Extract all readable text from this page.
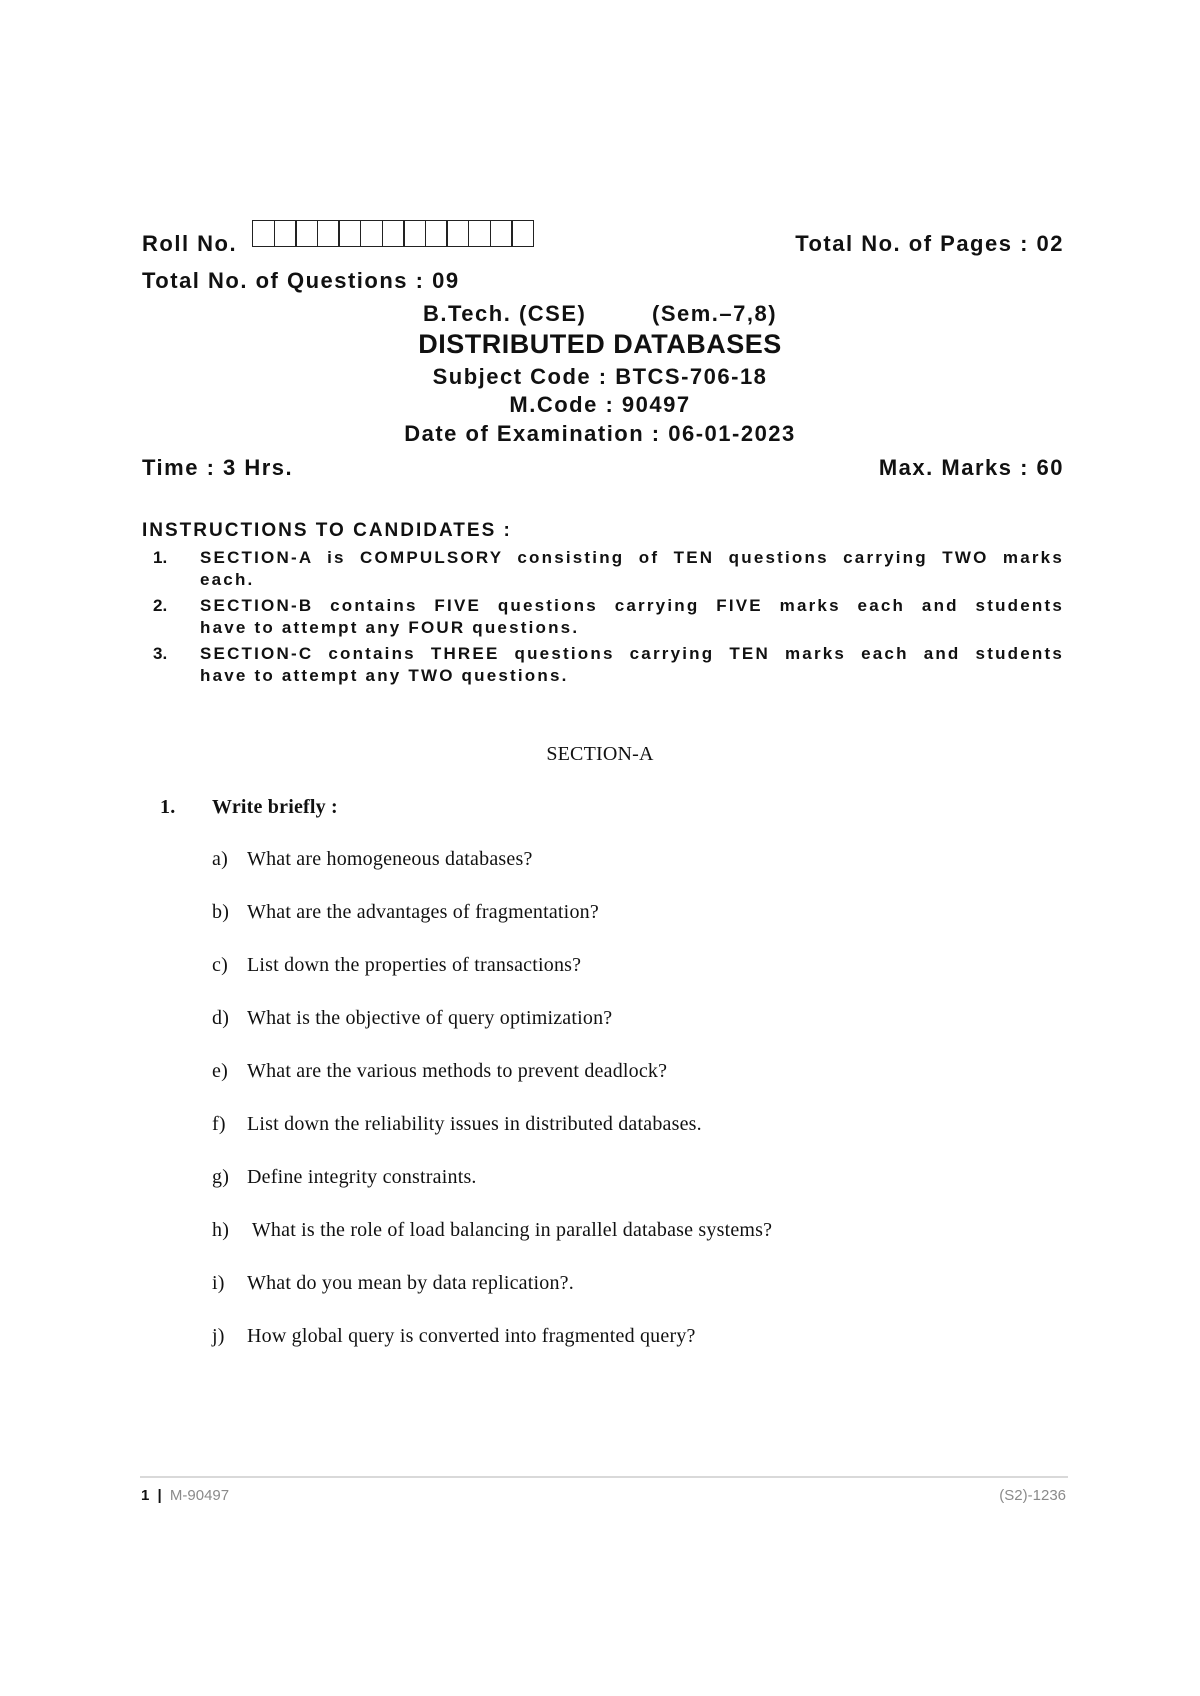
Roll No.	Total No. of Pages : 02
Total No. of Questions : 09
B.Tech. (CSE)	(Sem.–7,8)
DISTRIBUTED DATABASES
Subject Code : BTCS-706-18
M.Code : 90497
Date of Examination : 06-01-2023
Time : 3 Hrs.	Max. Marks : 60
INSTRUCTIONS TO CANDIDATES :
1. SECTION-A is COMPULSORY consisting of TEN questions carrying TWO marks
each.
2. SECTION-B contains FIVE questions carrying FIVE marks each and students
have to attempt any FOUR questions.
3. SECTION-C contains THREE questions carrying TEN marks each and students
have to attempt any TWO questions.
SECTION-A
1. Write briefly :
a) What are homogeneous databases?
b) What are the advantages of fragmentation?
c) List down the properties of transactions?
d) What is the objective of query optimization?
e) What are the various methods to prevent deadlock?
f) List down the reliability issues in distributed databases.
g) Define integrity constraints.
h) What is the role of load balancing in parallel database systems?
i) What do you mean by data replication?.
j) How global query is converted into fragmented query?
1 | M-90497	(S2)-1236
